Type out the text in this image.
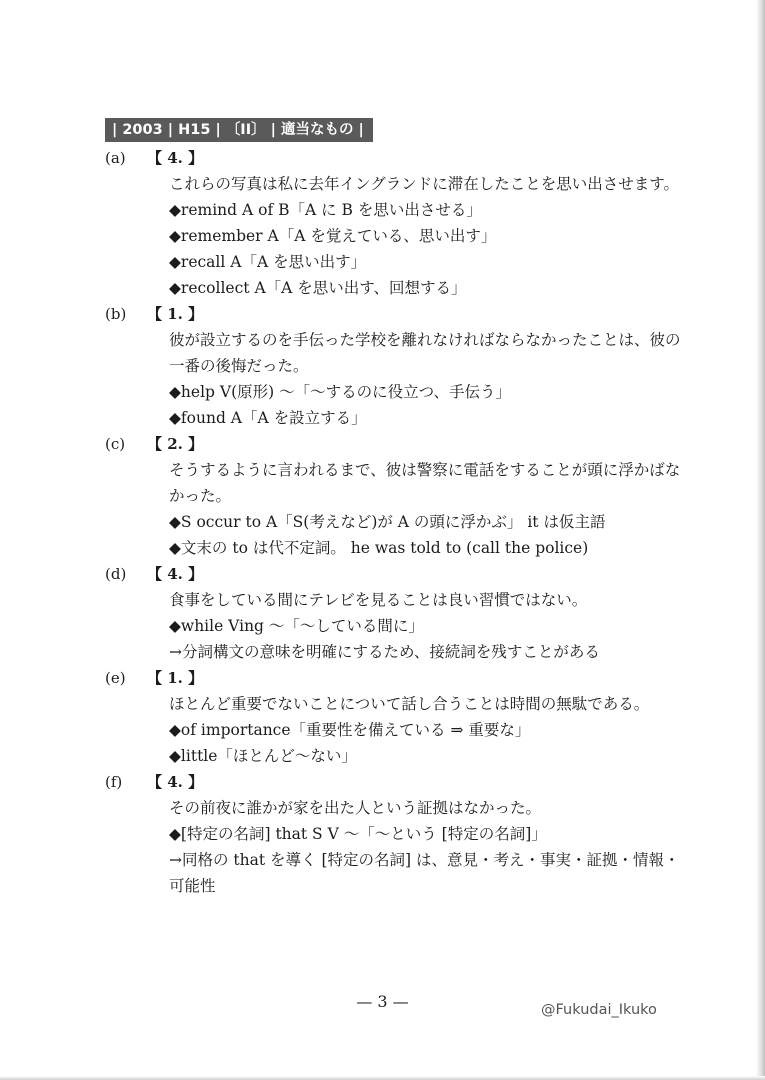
| 2003 | H15 | 〔II〕 | 適当なもの |
(a)	【 4. 】
これらの写真は私に去年イングランドに滞在したことを思い出させます。
◆remind A of B「A に B を思い出させる」
◆remember A「A を覚えている、思い出す」
◆recall A「A を思い出す」
◆recollect A「A を思い出す、回想する」
(b)	【 1. 】
彼が設立するのを手伝った学校を離れなければならなかったことは、彼の一番の後悔だった。
◆help V(原形) 〜「〜するのに役立つ、手伝う」
◆found A「A を設立する」
(c)	【 2. 】
そうするように言われるまで、彼は警察に電話をすることが頭に浮かばなかった。
◆S occur to A「S(考えなど)が A の頭に浮かぶ」 it は仮主語
◆文末の to は代不定詞。 he was told to (call the police)
(d)	【 4. 】
食事をしている間にテレビを見ることは良い習慣ではない。
◆while Ving 〜「〜している間に」
→分詞構文の意味を明確にするため、接続詞を残すことがある
(e)	【 1. 】
ほとんど重要でないことについて話し合うことは時間の無駄である。
◆of importance「重要性を備えている ⇒ 重要な」
◆little「ほとんど〜ない」
(f)	【 4. 】
その前夜に誰かが家を出た人という証拠はなかった。
◆[特定の名詞] that S V 〜「〜という [特定の名詞]」
→同格の that を導く [特定の名詞] は、意見・考え・事実・証拠・情報・可能性
— 3 —	@Fukudai_Ikuko
